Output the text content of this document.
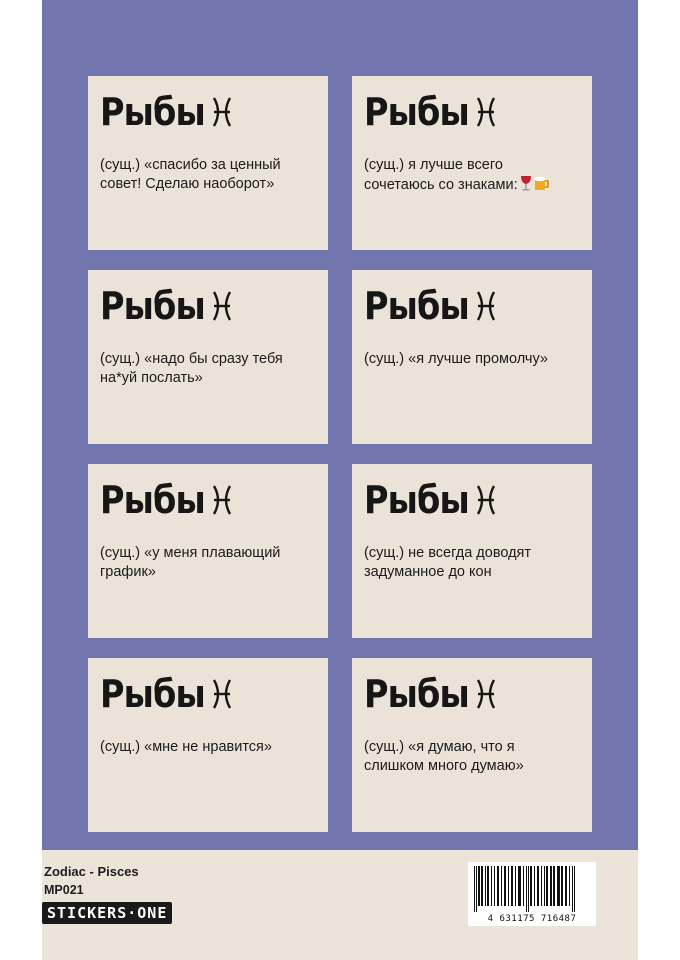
Рыбы
(сущ.) «спасибо за ценный
совет! Сделаю наоборот»
Рыбы
(сущ.) я лучше всего
сочетаюсь со знаками:
Рыбы
(сущ.) «надо бы сразу тебя
на*уй послать»
Рыбы
(сущ.) «я лучше промолчу»
Рыбы
(сущ.) «у меня плавающий
график»
Рыбы
(сущ.) не всегда доводят
задуманное до кон
Рыбы
(сущ.) «мне не нравится»
Рыбы
(сущ.) «я думаю, что я
слишком много думаю»
Zodiac - Pisces
MP021
STICKERS·ONE	4 631175 716487
